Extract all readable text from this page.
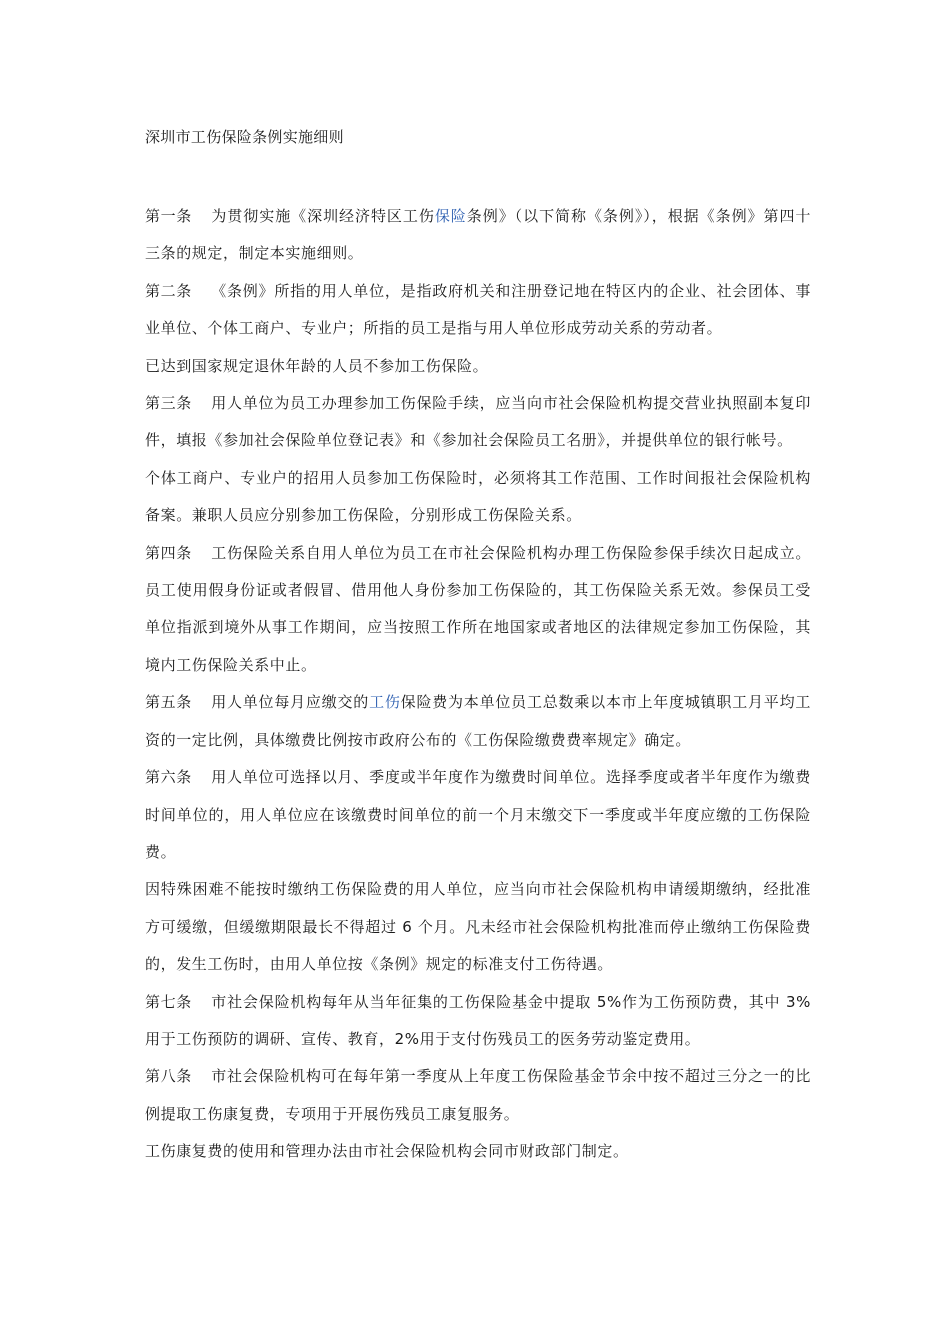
深圳市工伤保险条例实施细则

第一条 为贯彻实施《深圳经济特区工伤保险条例》（以下简称《条例》），根据《条例》第四十三条的规定，制定本实施细则。

第二条 《条例》所指的用人单位，是指政府机关和注册登记地在特区内的企业、社会团体、事业单位、个体工商户、专业户；所指的员工是指与用人单位形成劳动关系的劳动者。

已达到国家规定退休年龄的人员不参加工伤保险。

第三条 用人单位为员工办理参加工伤保险手续，应当向市社会保险机构提交营业执照副本复印件，填报《参加社会保险单位登记表》和《参加社会保险员工名册》，并提供单位的银行帐号。

个体工商户、专业户的招用人员参加工伤保险时，必须将其工作范围、工作时间报社会保险机构备案。兼职人员应分别参加工伤保险，分别形成工伤保险关系。

第四条 工伤保险关系自用人单位为员工在市社会保险机构办理工伤保险参保手续次日起成立。员工使用假身份证或者假冒、借用他人身份参加工伤保险的，其工伤保险关系无效。参保员工受单位指派到境外从事工作期间，应当按照工作所在地国家或者地区的法律规定参加工伤保险，其境内工伤保险关系中止。

第五条 用人单位每月应缴交的工伤保险费为本单位员工总数乘以本市上年度城镇职工月平均工资的一定比例，具体缴费比例按市政府公布的《工伤保险缴费费率规定》确定。

第六条 用人单位可选择以月、季度或半年度作为缴费时间单位。选择季度或者半年度作为缴费时间单位的，用人单位应在该缴费时间单位的前一个月末缴交下一季度或半年度应缴的工伤保险费。

因特殊困难不能按时缴纳工伤保险费的用人单位，应当向市社会保险机构申请缓期缴纳，经批准方可缓缴，但缓缴期限最长不得超过 6 个月。凡未经市社会保险机构批准而停止缴纳工伤保险费的，发生工伤时，由用人单位按《条例》规定的标准支付工伤待遇。

第七条 市社会保险机构每年从当年征集的工伤保险基金中提取 5%作为工伤预防费，其中 3%用于工伤预防的调研、宣传、教育，2%用于支付伤残员工的医务劳动鉴定费用。

第八条 市社会保险机构可在每年第一季度从上年度工伤保险基金节余中按不超过三分之一的比例提取工伤康复费，专项用于开展伤残员工康复服务。

工伤康复费的使用和管理办法由市社会保险机构会同市财政部门制定。
